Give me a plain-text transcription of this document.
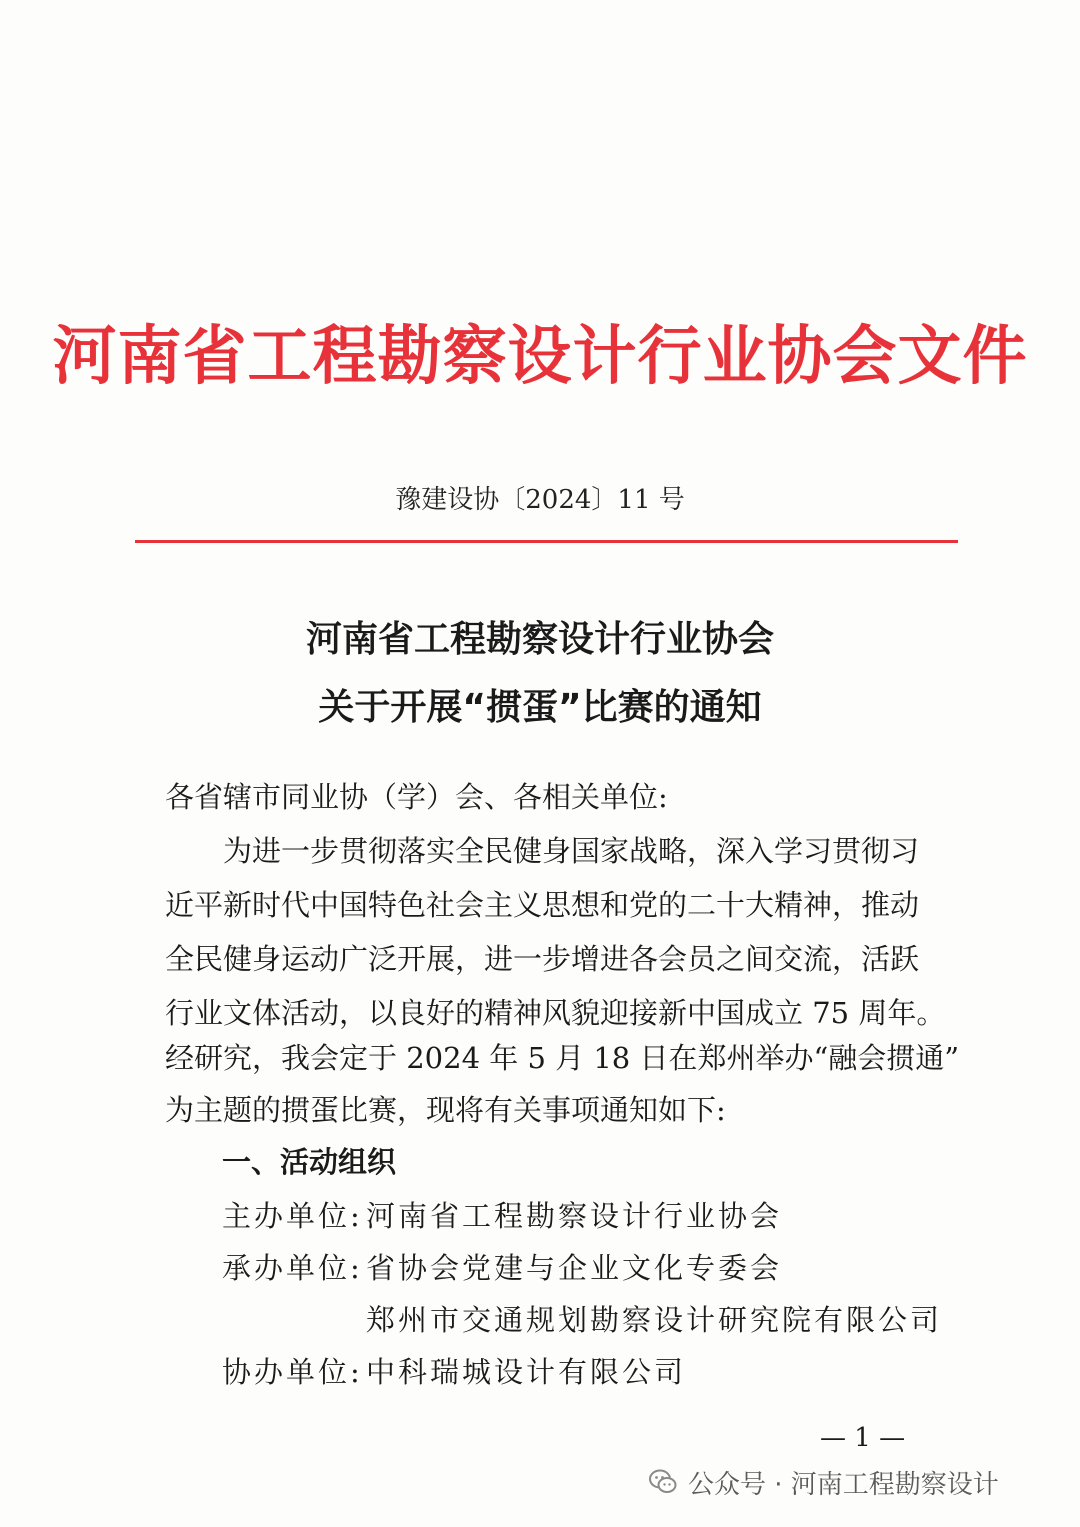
河南省工程勘察设计行业协会文件
豫建设协〔2024〕11 号
河南省工程勘察设计行业协会
关于开展“掼蛋”比赛的通知
各省辖市同业协（学）会、各相关单位:
　　为进一步贯彻落实全民健身国家战略，深入学习贯彻习
近平新时代中国特色社会主义思想和党的二十大精神，推动
全民健身运动广泛开展，进一步增进各会员之间交流，活跃
行业文体活动，以良好的精神风貌迎接新中国成立 75 周年。
经研究，我会定于 2024 年 5 月 18 日在郑州举办“融会掼通”
为主题的掼蛋比赛，现将有关事项通知如下:
一、活动组织
主办单位: 河南省工程勘察设计行业协会
承办单位: 省协会党建与企业文化专委会
郑州市交通规划勘察设计研究院有限公司
协办单位: 中科瑞城设计有限公司
— 1 —
公众号 · 河南工程勘察设计
